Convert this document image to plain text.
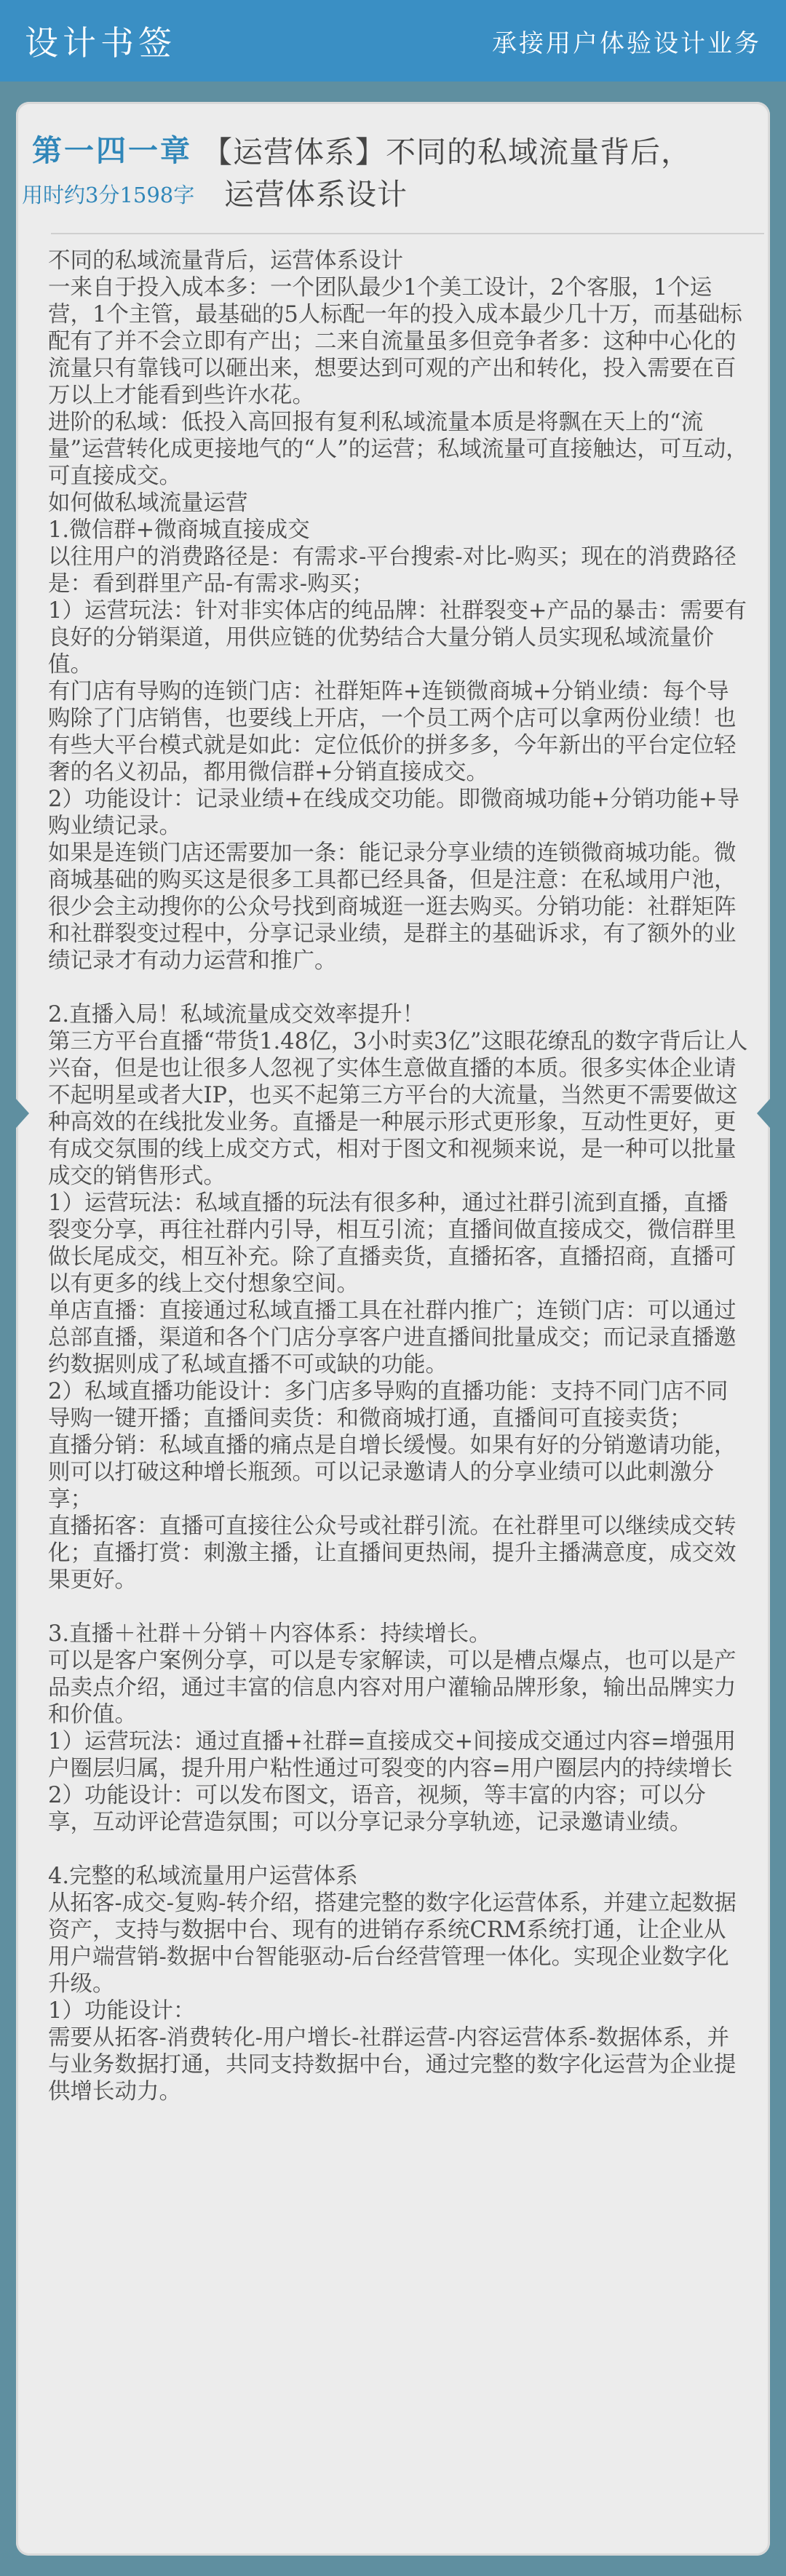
设计书签	承接用户体验设计业务
第一四一章 【运营体系】不同的私域流量背后，
用时约3分1598字 运营体系设计

不同的私域流量背后，运营体系设计

一来自于投入成本多：一个团队最少1个美工设计，2个客服，1个运营，1个主管，最基础的5人标配一年的投入成本最少几十万，而基础标配有了并不会立即有产出；二来自流量虽多但竞争者多：这种中心化的流量只有靠钱可以砸出来，想要达到可观的产出和转化，投入需要在百万以上才能看到些许水花。

进阶的私域：低投入高回报有复利私域流量本质是将飘在天上的“流量”运营转化成更接地气的“人”的运营；私域流量可直接触达，可互动，可直接成交。

如何做私域流量运营

1.微信群+微商城直接成交

以往用户的消费路径是：有需求-平台搜索-对比-购买；现在的消费路径是：看到群里产品-有需求-购买；

1）运营玩法：针对非实体店的纯品牌：社群裂变+产品的暴击：需要有良好的分销渠道，用供应链的优势结合大量分销人员实现私域流量价值。

有门店有导购的连锁门店：社群矩阵+连锁微商城+分销业绩：每个导购除了门店销售，也要线上开店，一个员工两个店可以拿两份业绩！也有些大平台模式就是如此：定位低价的拼多多，今年新出的平台定位轻奢的名义初品，都用微信群+分销直接成交。

2）功能设计：记录业绩+在线成交功能。即微商城功能+分销功能+导购业绩记录。

如果是连锁门店还需要加一条：能记录分享业绩的连锁微商城功能。微商城基础的购买这是很多工具都已经具备，但是注意：在私域用户池，很少会主动搜你的公众号找到商城逛一逛去购买。分销功能：社群矩阵和社群裂变过程中，分享记录业绩，是群主的基础诉求，有了额外的业绩记录才有动力运营和推广。

2.直播入局！私域流量成交效率提升！

第三方平台直播“带货1.48亿，3小时卖3亿”这眼花缭乱的数字背后让人兴奋，但是也让很多人忽视了实体生意做直播的本质。很多实体企业请不起明星或者大IP，也买不起第三方平台的大流量，当然更不需要做这种高效的在线批发业务。直播是一种展示形式更形象，互动性更好，更有成交氛围的线上成交方式，相对于图文和视频来说，是一种可以批量成交的销售形式。

1）运营玩法：私域直播的玩法有很多种，通过社群引流到直播，直播裂变分享，再往社群内引导，相互引流；直播间做直接成交，微信群里做长尾成交，相互补充。除了直播卖货，直播拓客，直播招商，直播可以有更多的线上交付想象空间。

单店直播：直接通过私域直播工具在社群内推广；连锁门店：可以通过总部直播，渠道和各个门店分享客户进直播间批量成交；而记录直播邀约数据则成了私域直播不可或缺的功能。

2）私域直播功能设计：多门店多导购的直播功能：支持不同门店不同导购一键开播；直播间卖货：和微商城打通，直播间可直接卖货；

直播分销：私域直播的痛点是自增长缓慢。如果有好的分销邀请功能，则可以打破这种增长瓶颈。可以记录邀请人的分享业绩可以此刺激分享；

直播拓客：直播可直接往公众号或社群引流。在社群里可以继续成交转化；直播打赏：刺激主播，让直播间更热闹，提升主播满意度，成交效果更好。

3.直播＋社群＋分销＋内容体系：持续增长。

可以是客户案例分享，可以是专家解读，可以是槽点爆点，也可以是产品卖点介绍，通过丰富的信息内容对用户灌输品牌形象，输出品牌实力和价值。

1）运营玩法：通过直播+社群=直接成交+间接成交通过内容=增强用户圈层归属，提升用户粘性通过可裂变的内容=用户圈层内的持续增长

2）功能设计：可以发布图文，语音，视频，等丰富的内容；可以分享，互动评论营造氛围；可以分享记录分享轨迹，记录邀请业绩。

4.完整的私域流量用户运营体系

从拓客-成交-复购-转介绍，搭建完整的数字化运营体系，并建立起数据资产，支持与数据中台、现有的进销存系统CRM系统打通，让企业从用户端营销-数据中台智能驱动-后台经营管理一体化。实现企业数字化升级。

1）功能设计：

需要从拓客-消费转化-用户增长-社群运营-内容运营体系-数据体系，并与业务数据打通，共同支持数据中台，通过完整的数字化运营为企业提供增长动力。
